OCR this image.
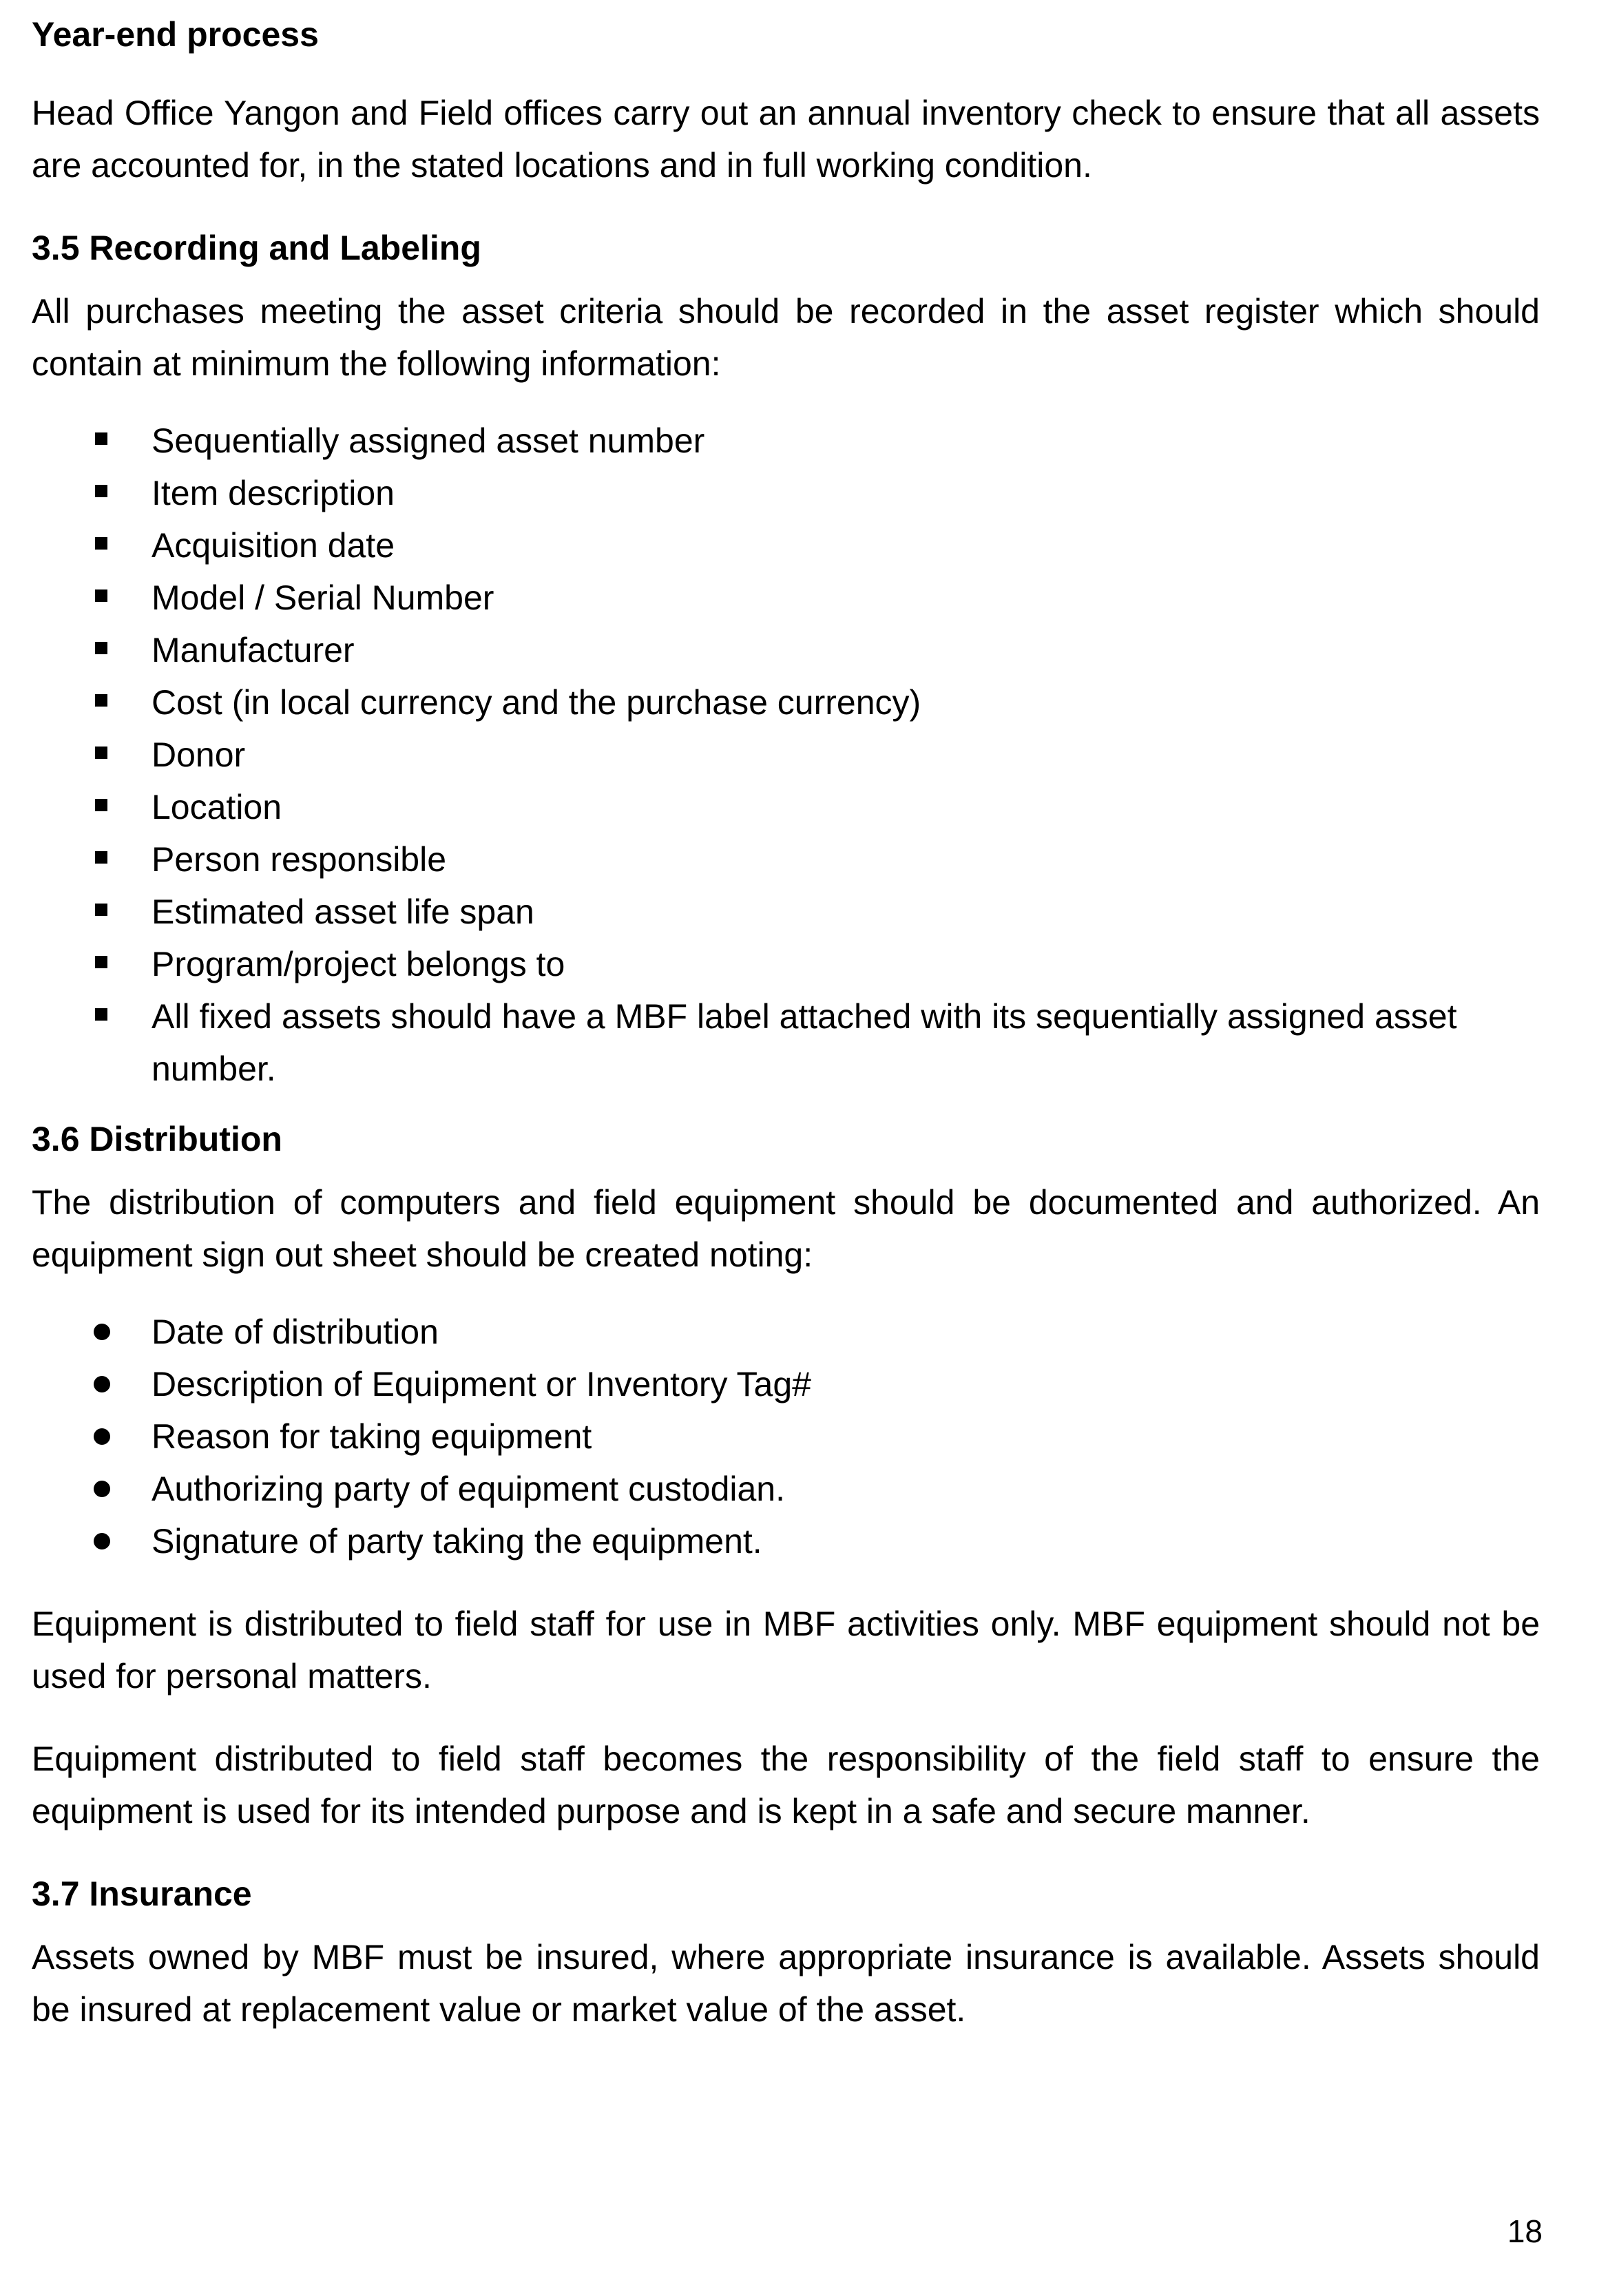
Year-end process

Head Office Yangon and Field offices carry out an annual inventory check to ensure that all assets are accounted for, in the stated locations and in full working condition.

3.5 Recording and Labeling

All purchases meeting the asset criteria should be recorded in the asset register which should contain at minimum the following information:

Sequentially assigned asset number
Item description
Acquisition date
Model / Serial Number
Manufacturer
Cost (in local currency and the purchase currency)
Donor
Location
Person responsible
Estimated asset life span
Program/project belongs to
All fixed assets should have a MBF label attached with its sequentially assigned asset number.
3.6 Distribution

The distribution of computers and field equipment should be documented and authorized. An equipment sign out sheet should be created noting:

Date of distribution
Description of Equipment or Inventory Tag#
Reason for taking equipment
Authorizing party of equipment custodian.
Signature of party taking the equipment.

Equipment is distributed to field staff for use in MBF activities only. MBF equipment should not be used for personal matters.

Equipment distributed to field staff becomes the responsibility of the field staff to ensure the equipment is used for its intended purpose and is kept in a safe and secure manner.

3.7 Insurance

Assets owned by MBF must be insured, where appropriate insurance is available. Assets should be insured at replacement value or market value of the asset.

18
